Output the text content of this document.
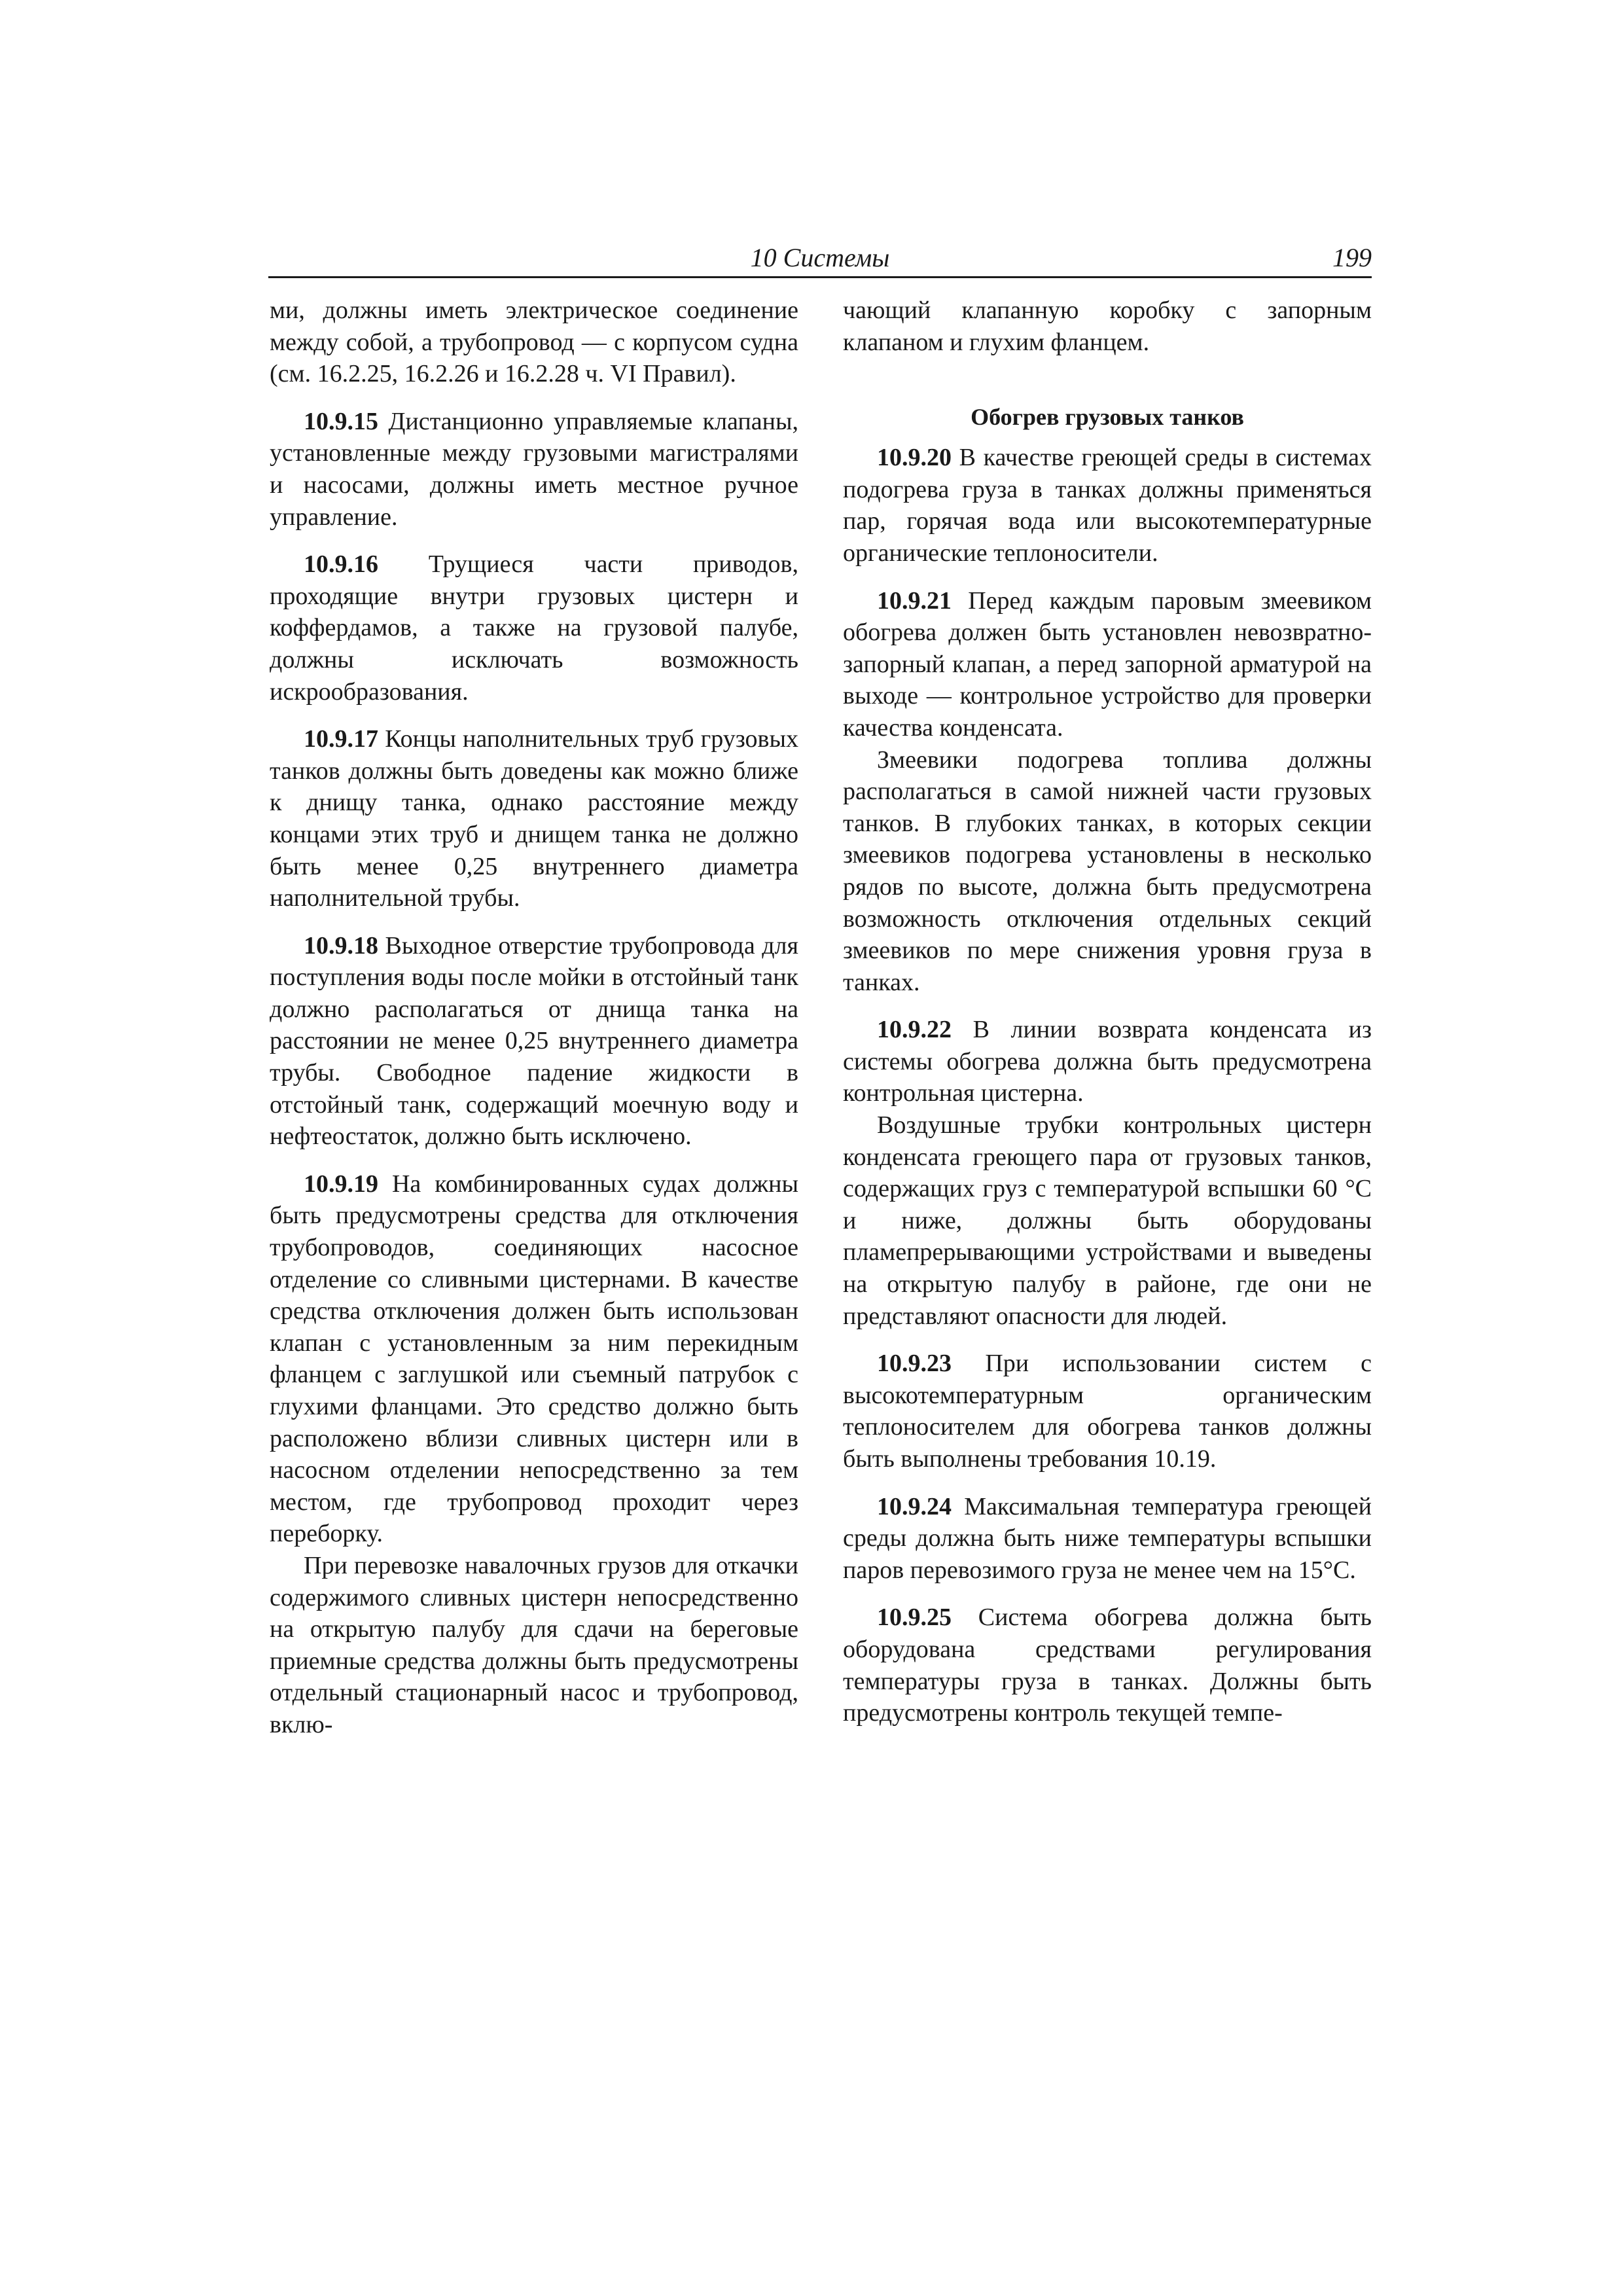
10 Системы	199

ми, должны иметь электрическое соединение между собой, а трубопровод — с корпусом судна (см. 16.2.25, 16.2.26 и 16.2.28 ч. VI Правил).

10.9.15 Дистанционно управляемые клапаны, установленные между грузовыми магистралями и насосами, должны иметь местное ручное управление.

10.9.16 Трущиеся части приводов, проходящие внутри грузовых цистерн и коффердамов, а также на грузовой палубе, должны исключать возможность искрообразования.

10.9.17 Концы наполнительных труб грузовых танков должны быть доведены как можно ближе к днищу танка, однако расстояние между концами этих труб и днищем танка не должно быть менее 0,25 внутреннего диаметра наполнительной трубы.

10.9.18 Выходное отверстие трубопровода для поступления воды после мойки в отстойный танк должно располагаться от днища танка на расстоянии не менее 0,25 внутреннего диаметра трубы. Свободное падение жидкости в отстойный танк, содержащий моечную воду и нефтеостаток, должно быть исключено.

10.9.19 На комбинированных судах должны быть предусмотрены средства для отключения трубопроводов, соединяющих насосное отделение со сливными цистернами. В качестве средства отключения должен быть использован клапан с установленным за ним перекидным фланцем с заглушкой или съемный патрубок с глухими фланцами. Это средство должно быть расположено вблизи сливных цистерн или в насосном отделении непосредственно за тем местом, где трубопровод проходит через переборку.

При перевозке навалочных грузов для откачки содержимого сливных цистерн непосредственно на открытую палубу для сдачи на береговые приемные средства должны быть предусмотрены отдельный стационарный насос и трубопровод, вклю-

чающий клапанную коробку с запорным клапаном и глухим фланцем.

Обогрев грузовых танков

10.9.20 В качестве греющей среды в системах подогрева груза в танках должны применяться пар, горячая вода или высокотемпературные органические теплоносители.

10.9.21 Перед каждым паровым змеевиком обогрева должен быть установлен невозвратно-запорный клапан, а перед запорной арматурой на выходе — контрольное устройство для проверки качества конденсата.

Змеевики подогрева топлива должны располагаться в самой нижней части грузовых танков. В глубоких танках, в которых секции змеевиков подогрева установлены в несколько рядов по высоте, должна быть предусмотрена возможность отключения отдельных секций змеевиков по мере снижения уровня груза в танках.

10.9.22 В линии возврата конденсата из системы обогрева должна быть предусмотрена контрольная цистерна.

Воздушные трубки контрольных цистерн конденсата греющего пара от грузовых танков, содержащих груз с температурой вспышки 60 °С и ниже, должны быть оборудованы пламепрерывающими устройствами и выведены на открытую палубу в районе, где они не представляют опасности для людей.

10.9.23 При использовании систем с высокотемпературным органическим теплоносителем для обогрева танков должны быть выполнены требования 10.19.

10.9.24 Максимальная температура греющей среды должна быть ниже температуры вспышки паров перевозимого груза не менее чем на 15°С.

10.9.25 Система обогрева должна быть оборудована средствами регулирования температуры груза в танках. Должны быть предусмотрены контроль текущей темпе-
